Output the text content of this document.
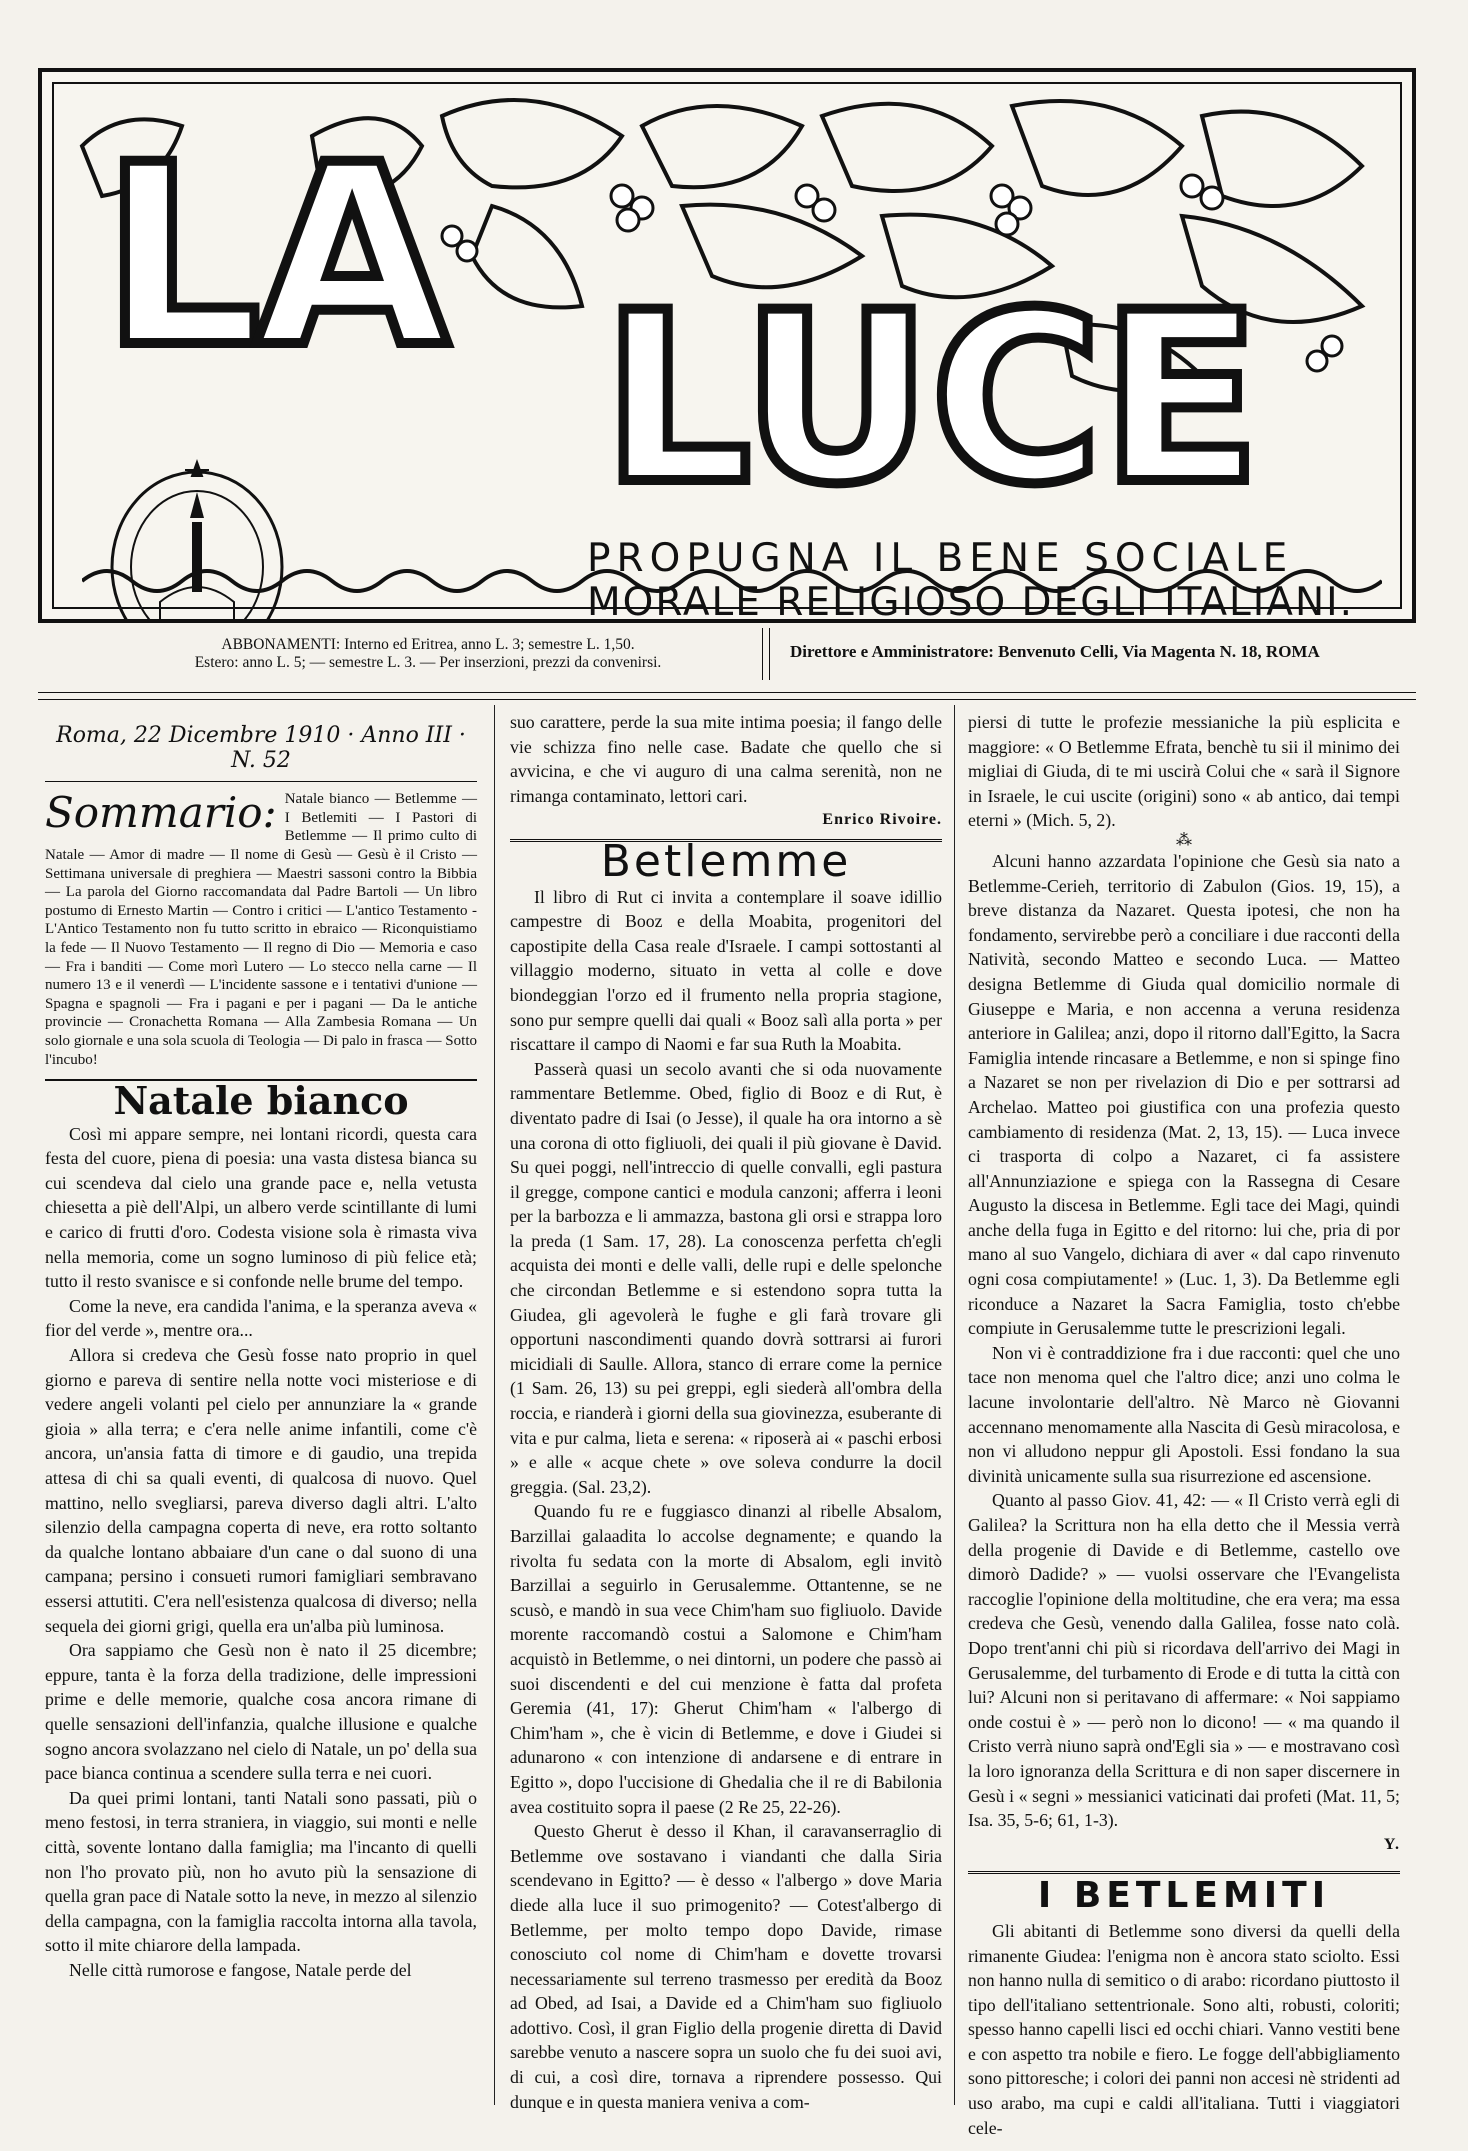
LA LUCE
PROPUGNA IL BENE SOCIALE
MORALE RELIGIOSO DEGLI ITALIANI.
ABBONAMENTI: Interno ed Eritrea, anno L. 3; semestre L. 1,50.
Estero: anno L. 5; — semestre L. 3. — Per inserzioni, prezzi da convenirsi.
Direttore e Amministratore: Benvenuto Celli, Via Magenta N. 18, ROMA
Roma, 22 Dicembre 1910 · Anno III · N. 52
Sommario: Natale bianco — Betlemme — I Betlemiti — I Pastori di Betlemme — Il primo culto di Natale — Amor di madre — Il nome di Gesù — Gesù è il Cristo — Settimana universale di preghiera — Maestri sassoni contro la Bibbia — La parola del Giorno raccomandata dal Padre Bartoli — Un libro postumo di Ernesto Martin — Contro i critici — L'antico Testamento - L'Antico Testamento non fu tutto scritto in ebraico — Riconquistiamo la fede — Il Nuovo Testamento — Il regno di Dio — Memoria e caso — Fra i banditi — Come morì Lutero — Lo stecco nella carne — Il numero 13 e il venerdì — L'incidente sassone e i tentativi d'unione — Spagna e spagnoli — Fra i pagani e per i pagani — Da le antiche provincie — Cronachetta Romana — Alla Zambesia Romana — Un solo giornale e una sola scuola di Teologia — Di palo in frasca — Sotto l'incubo!
Natale bianco

Così mi appare sempre, nei lontani ricordi, questa cara festa del cuore, piena di poesia: una vasta distesa bianca su cui scendeva dal cielo una grande pace e, nella vetusta chiesetta a piè dell'Alpi, un albero verde scintillante di lumi e carico di frutti d'oro. Codesta visione sola è rimasta viva nella memoria, come un sogno luminoso di più felice età; tutto il resto svanisce e si confonde nelle brume del tempo.

Come la neve, era candida l'anima, e la speranza aveva « fior del verde », mentre ora...

Allora si credeva che Gesù fosse nato proprio in quel giorno e pareva di sentire nella notte voci misteriose e di vedere angeli volanti pel cielo per annunziare la « grande gioia » alla terra; e c'era nelle anime infantili, come c'è ancora, un'ansia fatta di timore e di gaudio, una trepida attesa di chi sa quali eventi, di qualcosa di nuovo. Quel mattino, nello svegliarsi, pareva diverso dagli altri. L'alto silenzio della campagna coperta di neve, era rotto soltanto da qualche lontano abbaiare d'un cane o dal suono di una campana; persino i consueti rumori famigliari sembravano essersi attutiti. C'era nell'esistenza qualcosa di diverso; nella sequela dei giorni grigi, quella era un'alba più luminosa.

Ora sappiamo che Gesù non è nato il 25 dicembre; eppure, tanta è la forza della tradizione, delle impressioni prime e delle memorie, qualche cosa ancora rimane di quelle sensazioni dell'infanzia, qualche illusione e qualche sogno ancora svolazzano nel cielo di Natale, un po' della sua pace bianca continua a scendere sulla terra e nei cuori.

Da quei primi lontani, tanti Natali sono passati, più o meno festosi, in terra straniera, in viaggio, sui monti e nelle città, sovente lontano dalla famiglia; ma l'incanto di quelli non l'ho provato più, non ho avuto più la sensazione di quella gran pace di Natale sotto la neve, in mezzo al silenzio della campagna, con la famiglia raccolta intorna alla tavola, sotto il mite chiarore della lampada.

Nelle città rumorose e fangose, Natale perde del

suo carattere, perde la sua mite intima poesia; il fango delle vie schizza fino nelle case. Badate che quello che si avvicina, e che vi auguro di una calma serenità, non ne rimanga contaminato, lettori cari.

Enrico Rivoire.
Betlemme

Il libro di Rut ci invita a contemplare il soave idillio campestre di Booz e della Moabita, progenitori del capostipite della Casa reale d'Israele. I campi sottostanti al villaggio moderno, situato in vetta al colle e dove biondeggian l'orzo ed il frumento nella propria stagione, sono pur sempre quelli dai quali « Booz salì alla porta » per riscattare il campo di Naomi e far sua Ruth la Moabita.

Passerà quasi un secolo avanti che si oda nuovamente rammentare Betlemme. Obed, figlio di Booz e di Rut, è diventato padre di Isai (o Jesse), il quale ha ora intorno a sè una corona di otto figliuoli, dei quali il più giovane è David. Su quei poggi, nell'intreccio di quelle convalli, egli pastura il gregge, compone cantici e modula canzoni; afferra i leoni per la barbozza e li ammazza, bastona gli orsi e strappa loro la preda (1 Sam. 17, 28). La conoscenza perfetta ch'egli acquista dei monti e delle valli, delle rupi e delle spelonche che circondan Betlemme e si estendono sopra tutta la Giudea, gli agevolerà le fughe e gli farà trovare gli opportuni nascondimenti quando dovrà sottrarsi ai furori micidiali di Saulle. Allora, stanco di errare come la pernice (1 Sam. 26, 13) su pei greppi, egli siederà all'ombra della roccia, e rianderà i giorni della sua giovinezza, esuberante di vita e pur calma, lieta e serena: « riposerà ai « paschi erbosi » e alle « acque chete » ove soleva condurre la docil greggia. (Sal. 23,2).

Quando fu re e fuggiasco dinanzi al ribelle Absalom, Barzillai galaadita lo accolse degnamente; e quando la rivolta fu sedata con la morte di Absalom, egli invitò Barzillai a seguirlo in Gerusalemme. Ottantenne, se ne scusò, e mandò in sua vece Chim'ham suo figliuolo. Davide morente raccomandò costui a Salomone e Chim'ham acquistò in Betlemme, o nei dintorni, un podere che passò ai suoi discendenti e del cui menzione è fatta dal profeta Geremia (41, 17): Gherut Chim'ham « l'albergo di Chim'ham », che è vicin di Betlemme, e dove i Giudei si adunarono « con intenzione di andarsene e di entrare in Egitto », dopo l'uccisione di Ghedalia che il re di Babilonia avea costituito sopra il paese (2 Re 25, 22-26).

Questo Gherut è desso il Khan, il caravanserraglio di Betlemme ove sostavano i viandanti che dalla Siria scendevano in Egitto? — è desso « l'albergo » dove Maria diede alla luce il suo primogenito? — Cotest'albergo di Betlemme, per molto tempo dopo Davide, rimase conosciuto col nome di Chim'ham e dovette trovarsi necessariamente sul terreno trasmesso per eredità da Booz ad Obed, ad Isai, a Davide ed a Chim'ham suo figliuolo adottivo. Così, il gran Figlio della progenie diretta di David sarebbe venuto a nascere sopra un suolo che fu dei suoi avi, di cui, a così dire, tornava a riprendere possesso. Qui dunque e in questa maniera veniva a com-

piersi di tutte le profezie messianiche la più esplicita e maggiore: « O Betlemme Efrata, benchè tu sii il minimo dei migliai di Giuda, di te mi uscirà Colui che « sarà il Signore in Israele, le cui uscite (origini) sono « ab antico, dai tempi eterni » (Mich. 5, 2).

⁂

Alcuni hanno azzardata l'opinione che Gesù sia nato a Betlemme-Cerieh, territorio di Zabulon (Gios. 19, 15), a breve distanza da Nazaret. Questa ipotesi, che non ha fondamento, servirebbe però a conciliare i due racconti della Natività, secondo Matteo e secondo Luca. — Matteo designa Betlemme di Giuda qual domicilio normale di Giuseppe e Maria, e non accenna a veruna residenza anteriore in Galilea; anzi, dopo il ritorno dall'Egitto, la Sacra Famiglia intende rincasare a Betlemme, e non si spinge fino a Nazaret se non per rivelazion di Dio e per sottrarsi ad Archelao. Matteo poi giustifica con una profezia questo cambiamento di residenza (Mat. 2, 13, 15). — Luca invece ci trasporta di colpo a Nazaret, ci fa assistere all'Annunziazione e spiega con la Rassegna di Cesare Augusto la discesa in Betlemme. Egli tace dei Magi, quindi anche della fuga in Egitto e del ritorno: lui che, pria di por mano al suo Vangelo, dichiara di aver « dal capo rinvenuto ogni cosa compiutamente! » (Luc. 1, 3). Da Betlemme egli riconduce a Nazaret la Sacra Famiglia, tosto ch'ebbe compiute in Gerusalemme tutte le prescrizioni legali.

Non vi è contraddizione fra i due racconti: quel che uno tace non menoma quel che l'altro dice; anzi uno colma le lacune involontarie dell'altro. Nè Marco nè Giovanni accennano menomamente alla Nascita di Gesù miracolosa, e non vi alludono neppur gli Apostoli. Essi fondano la sua divinità unicamente sulla sua risurrezione ed ascensione.

Quanto al passo Giov. 41, 42: — « Il Cristo verrà egli di Galilea? la Scrittura non ha ella detto che il Messia verrà della progenie di Davide e di Betlemme, castello ove dimorò Dadide? » — vuolsi osservare che l'Evangelista raccoglie l'opinione della moltitudine, che era vera; ma essa credeva che Gesù, venendo dalla Galilea, fosse nato colà. Dopo trent'anni chi più si ricordava dell'arrivo dei Magi in Gerusalemme, del turbamento di Erode e di tutta la città con lui? Alcuni non si peritavano di affermare: « Noi sappiamo onde costui è » — però non lo dicono! — « ma quando il Cristo verrà niuno saprà ond'Egli sia » — e mostravano così la loro ignoranza della Scrittura e di non saper discernere in Gesù i « segni » messianici vaticinati dai profeti (Mat. 11, 5; Isa. 35, 5-6; 61, 1-3).

Y.
I BETLEMITI

Gli abitanti di Betlemme sono diversi da quelli della rimanente Giudea: l'enigma non è ancora stato sciolto. Essi non hanno nulla di semitico o di arabo: ricordano piuttosto il tipo dell'italiano settentrionale. Sono alti, robusti, coloriti; spesso hanno capelli lisci ed occhi chiari. Vanno vestiti bene e con aspetto tra nobile e fiero. Le fogge dell'abbigliamento sono pittoresche; i colori dei panni non accesi nè stridenti ad uso arabo, ma cupi e caldi all'italiana. Tutti i viaggiatori cele-
